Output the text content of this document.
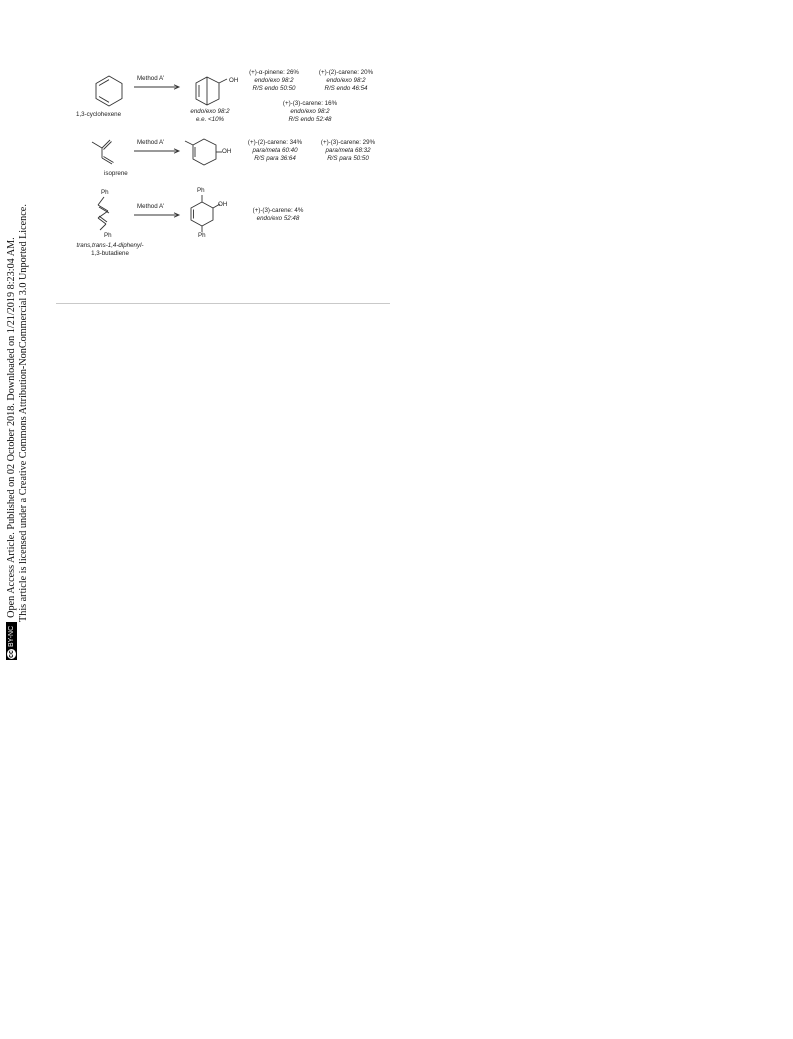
ccBY-NCOpen Access Article. Published on 02 October 2018. Downloaded on 1/21/2019 8:23:04 AM. This article is licensed under a Creative Commons Attribution-NonCommercial 3.0 Unported Licence.
1,3-cyclohexene
Method A'	OH
endo/exo 98:2
e.e. <10%
(+)-α-pinene: 26%
endo/exo 98:2
R/S endo 50:50
(+)-(2)-carene: 20%
endo/exo 98:2
R/S endo 46:54
(+)-(3)-carene: 16%
endo/exo 98:2
R/S endo 52:48
isoprene
Method A'
OH
(+)-(2)-carene: 34%
para/meta 60:40
R/S para 36:64
(+)-(3)-carene: 29%
para/meta 68:32
R/S para 50:50
Ph
Ph
trans,trans-1,4-diphenyl-
1,3-butadiene
Method A'
Ph
OH
Ph
(+)-(3)-carene: 4%
endo/exo 52:48
